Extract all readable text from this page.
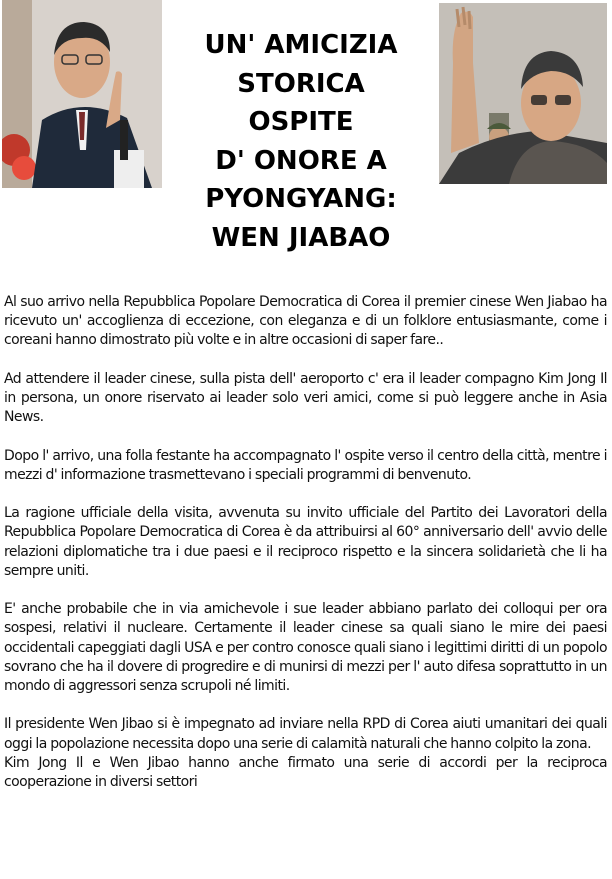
UN' AMICIZIA
STORICA
OSPITE
D' ONORE A
PYONGYANG:
WEN JIABAO

Al suo arrivo nella Repubblica Popolare Democratica di Corea il premier cinese Wen Jiabao ha ricevuto un' accoglienza di eccezione, con eleganza e di un folklore entusiasmante, come i coreani hanno dimostrato più volte e in altre occasioni di saper fare..

Ad attendere il leader cinese, sulla pista dell' aeroporto c' era il leader compagno Kim Jong Il in persona, un onore riservato ai leader solo veri amici, come si può leggere anche in Asia News.

Dopo l' arrivo, una folla festante ha accompagnato l' ospite verso il centro della città, mentre i mezzi d' informazione trasmettevano i speciali programmi di benvenuto.

La ragione ufficiale della visita, avvenuta su invito ufficiale del Partito dei Lavoratori della Repubblica Popolare Democratica di Corea è da attribuirsi al 60° anniversario dell' avvio delle relazioni diplomatiche tra i due paesi e il reciproco rispetto e la sincera solidarietà che li ha sempre uniti.

E' anche probabile che in via amichevole i sue leader abbiano parlato dei colloqui per ora sospesi, relativi il nucleare. Certamente il leader cinese sa quali siano le mire dei paesi occidentali capeggiati dagli USA e per contro conosce quali siano i legittimi diritti di un popolo sovrano che ha il dovere di progredire e di munirsi di mezzi per l' auto difesa soprattutto in un mondo di aggressori senza scrupoli né limiti.

Il presidente Wen Jibao si è impegnato ad inviare nella RPD di Corea aiuti umanitari dei quali oggi la popolazione necessita dopo una serie di calamità naturali che hanno colpito la zona.

Kim Jong Il e Wen Jibao hanno anche firmato una serie di accordi per la reciproca cooperazione in diversi settori
